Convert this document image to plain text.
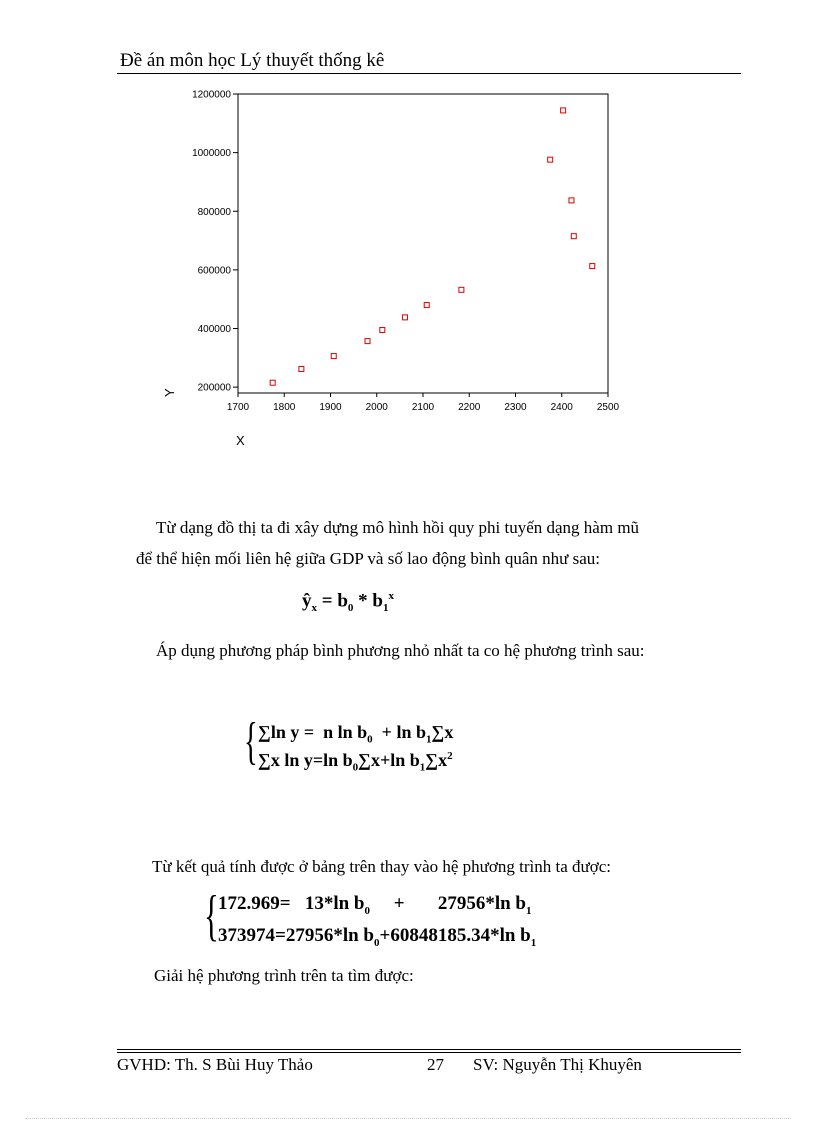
Đề án môn học Lý thuyết thống kê
200000
400000
600000
800000
1000000
1200000
1700 1800 1900 2000 2100 2200 2300 2400 2500
Y
X
Từ dạng đồ thị ta đi xây dựng mô hình hồi quy phi tuyến dạng hàm mũ
để thể hiện mối liên hệ giữa GDP và số lao động bình quân như sau:
$ŷ_x = b_0 * b_1^x$
Áp dụng phương pháp bình phương nhỏ nhất ta co hệ phương trình sau:
{ ∑ln y = n $\ln b_0 + \ln b_1\sum x$
∑x ln y=ln $b_0\sum x+\ln$ $b_1\sum x^2$
Từ kết quả tính được ở bảng trên thay vào hệ phương trình ta được:
{ 172.969= 13*ln $b_0 + 27956*\ln$ $b_1$
373974=27956*ln $b_0+60848185.34*\ln$ $b_1$
Giải hệ phương trình trên ta tìm được:
GVHD: Th. S Bùi Huy Thảo	27 SV: Nguyễn Thị Khuyên
